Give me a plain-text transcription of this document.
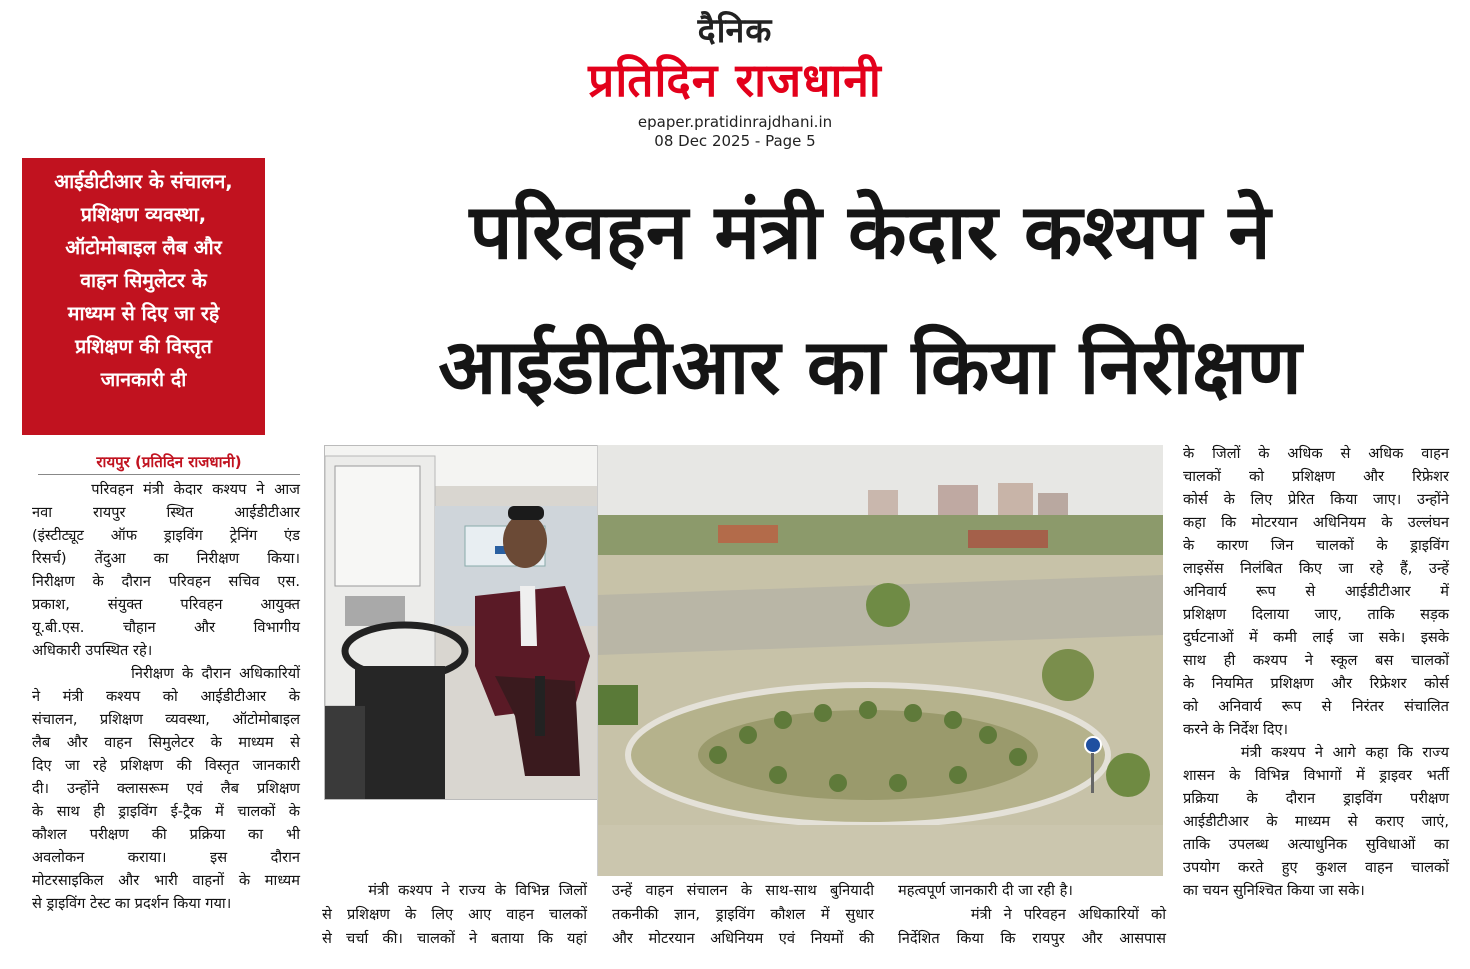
दैनिक
प्रतिदिन राजधानी
epaper.pratidinrajdhani.in
08 Dec 2025 - Page 5
आईडीटीआर के संचालन,
प्रशिक्षण व्यवस्था,
ऑटोमोबाइल लैब और
वाहन सिमुलेटर के
माध्यम से दिए जा रहे
प्रशिक्षण की विस्तृत
जानकारी दी
परिवहन मंत्री केदार कश्यप ने
आईडीटीआर का किया निरीक्षण
रायपुर (प्रतिदिन राजधानी)
परिवहन मंत्री केदार कश्यप ने आज
नवा रायपुर स्थित आईडीटीआर
(इंस्टीट्यूट ऑफ ड्राइविंग ट्रेनिंग एंड
रिसर्च) तेंदुआ का निरीक्षण किया।
निरीक्षण के दौरान परिवहन सचिव एस.
प्रकाश, संयुक्त परिवहन आयुक्त
यू.बी.एस. चौहान और विभागीय
अधिकारी उपस्थित रहे।
निरीक्षण के दौरान अधिकारियों
ने मंत्री कश्यप को आईडीटीआर के
संचालन, प्रशिक्षण व्यवस्था, ऑटोमोबाइल
लैब और वाहन सिमुलेटर के माध्यम से
दिए जा रहे प्रशिक्षण की विस्तृत जानकारी
दी। उन्होंने क्लासरूम एवं लैब प्रशिक्षण
के साथ ही ड्राइविंग ई-ट्रैक में चालकों के
कौशल परीक्षण की प्रक्रिया का भी
अवलोकन कराया। इस दौरान
मोटरसाइकिल और भारी वाहनों के माध्यम
से ड्राइविंग टेस्ट का प्रदर्शन किया गया।
मंत्री कश्यप ने राज्य के विभिन्न जिलों
से प्रशिक्षण के लिए आए वाहन चालकों
से चर्चा की। चालकों ने बताया कि यहां
उन्हें वाहन संचालन के साथ-साथ बुनियादी
तकनीकी ज्ञान, ड्राइविंग कौशल में सुधार
और मोटरयान अधिनियम एवं नियमों की
महत्वपूर्ण जानकारी दी जा रही है।
मंत्री ने परिवहन अधिकारियों को
निर्देशित किया कि रायपुर और आसपास
के जिलों के अधिक से अधिक वाहन
चालकों को प्रशिक्षण और रिफ्रेशर
कोर्स के लिए प्रेरित किया जाए। उन्होंने
कहा कि मोटरयान अधिनियम के उल्लंघन
के कारण जिन चालकों के ड्राइविंग
लाइसेंस निलंबित किए जा रहे हैं, उन्हें
अनिवार्य रूप से आईडीटीआर में
प्रशिक्षण दिलाया जाए, ताकि सड़क
दुर्घटनाओं में कमी लाई जा सके। इसके
साथ ही कश्यप ने स्कूल बस चालकों
के नियमित प्रशिक्षण और रिफ्रेशर कोर्स
को अनिवार्य रूप से निरंतर संचालित
करने के निर्देश दिए।
मंत्री कश्यप ने आगे कहा कि राज्य
शासन के विभिन्न विभागों में ड्राइवर भर्ती
प्रक्रिया के दौरान ड्राइविंग परीक्षण
आईडीटीआर के माध्यम से कराए जाएं,
ताकि उपलब्ध अत्याधुनिक सुविधाओं का
उपयोग करते हुए कुशल वाहन चालकों
का चयन सुनिश्चित किया जा सके।
